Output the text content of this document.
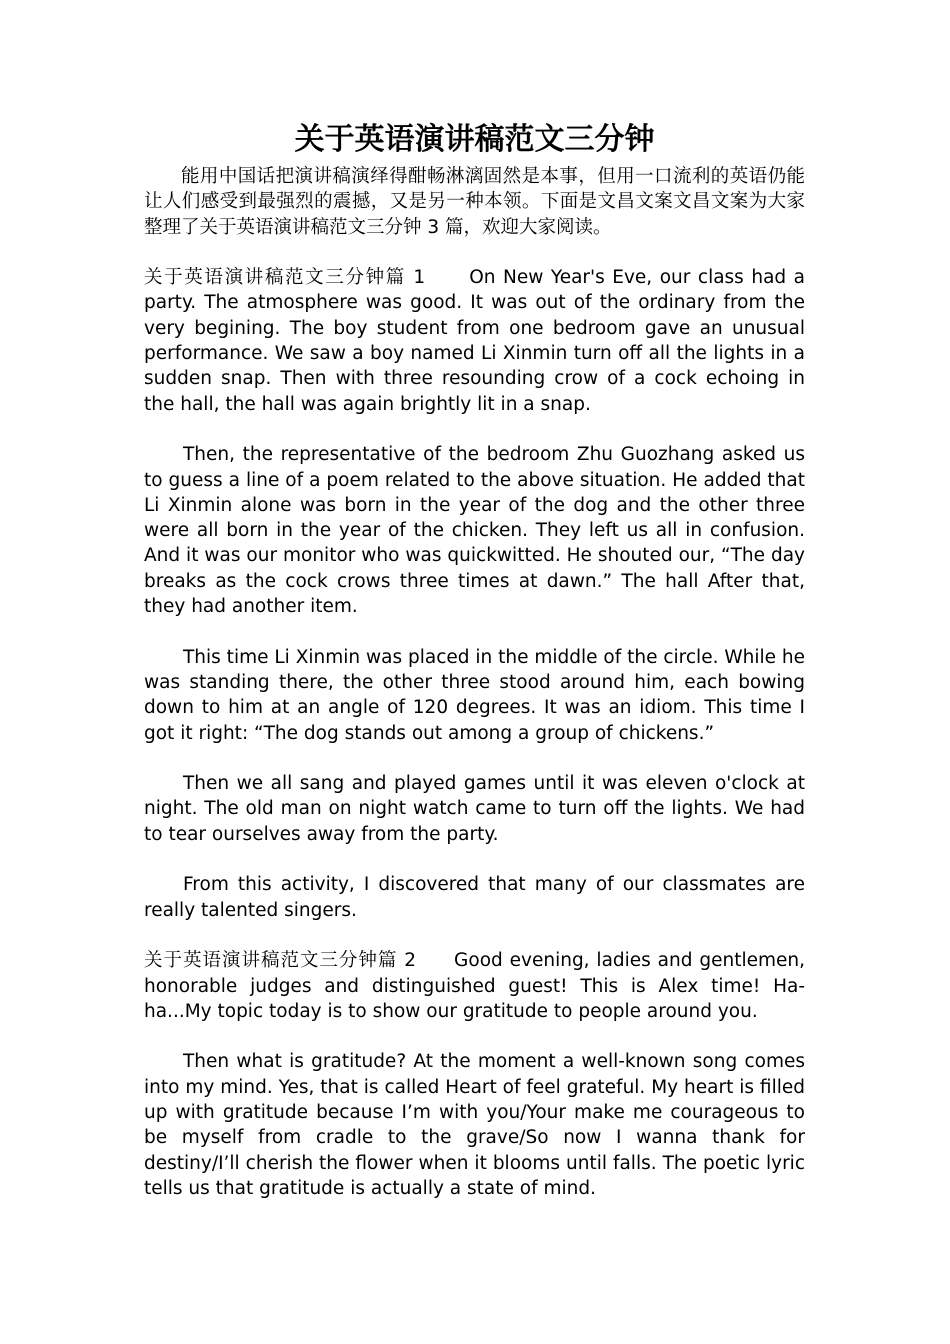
关于英语演讲稿范文三分钟

能用中国话把演讲稿演绎得酣畅淋漓固然是本事，但用一口流利的英语仍能让人们感受到最强烈的震撼，又是另一种本领。下面是文昌文案文昌文案为大家整理了关于英语演讲稿范文三分钟 3 篇，欢迎大家阅读。

关于英语演讲稿范文三分钟篇 1 On New Year's Eve, our class had a party. The atmosphere was good. It was out of the ordinary from the very begining. The boy student from one bedroom gave an unusual performance. We saw a boy named Li Xinmin turn off all the lights in a sudden snap. Then with three resounding crow of a cock echoing in the hall, the hall was again brightly lit in a snap.

Then, the representative of the bedroom Zhu Guozhang asked us to guess a line of a poem related to the above situation. He added that Li Xinmin alone was born in the year of the dog and the other three were all born in the year of the chicken. They left us all in confusion. And it was our monitor who was quickwitted. He shouted our, “The day breaks as the cock crows three times at dawn.” The hall After that, they had another item.

This time Li Xinmin was placed in the middle of the circle. While he was standing there, the other three stood around him, each bowing down to him at an angle of 120 degrees. It was an idiom. This time I got it right: “The dog stands out among a group of chickens.”

Then we all sang and played games until it was eleven o'clock at night. The old man on night watch came to turn off the lights. We had to tear ourselves away from the party.

From this activity, I discovered that many of our classmates are really talented singers.

关于英语演讲稿范文三分钟篇 2 Good evening, ladies and gentlemen, honorable judges and distinguished guest! This is Alex time! Ha-ha...My topic today is to show our gratitude to people around you.

Then what is gratitude? At the moment a well-known song comes into my mind. Yes, that is called Heart of feel grateful. My heart is filled up with gratitude because I’m with you/Your make me courageous to be myself from cradle to the grave/So now I wanna thank for destiny/I’ll cherish the flower when it blooms until falls. The poetic lyric tells us that gratitude is actually a state of mind.
